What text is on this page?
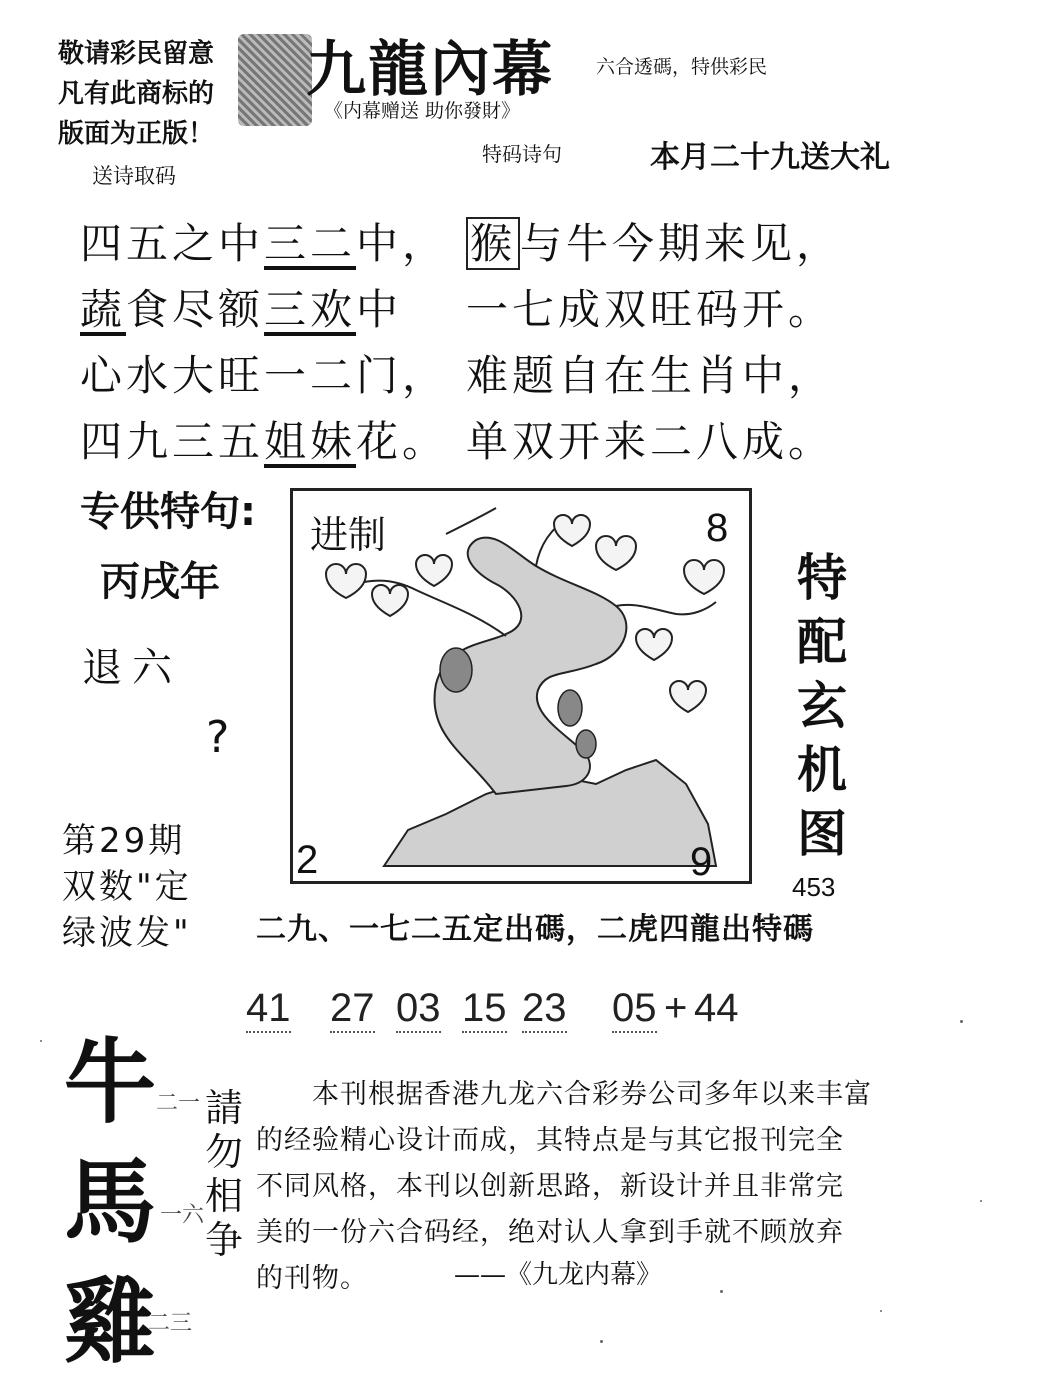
敬请彩民留意
凡有此商标的
版面为正版！
送诗取码
九龍內幕 六合透碼，特供彩民
《内幕赠送 助你發財》
特码诗句	本月二十九送大礼
四五之中三二中，
蔬食尽额三欢中
心水大旺一二门，
四九三五姐妹花。
猴与牛今期来见，
一七成双旺码开。
难题自在生肖中，
单双开来二八成。
专供特句:
丙戌年
退六
?
第29期
双数"定
绿波发"
进制	8
2	9
特
配
玄
机
图
453
二九、一七二五定出碼，二虎四龍出特碼
41 27 03 15 23 05 + 44
牛
馬
雞
請
勿
相
争
二一
一六
二三
本刊根据香港九龙六合彩券公司多年以来丰富
的经验精心设计而成，其特点是与其它报刊完全
不同风格，本刊以创新思路，新设计并且非常完
美的一份六合码经，绝对认人拿到手就不顾放弃
的刊物。	——《九龙内幕》
